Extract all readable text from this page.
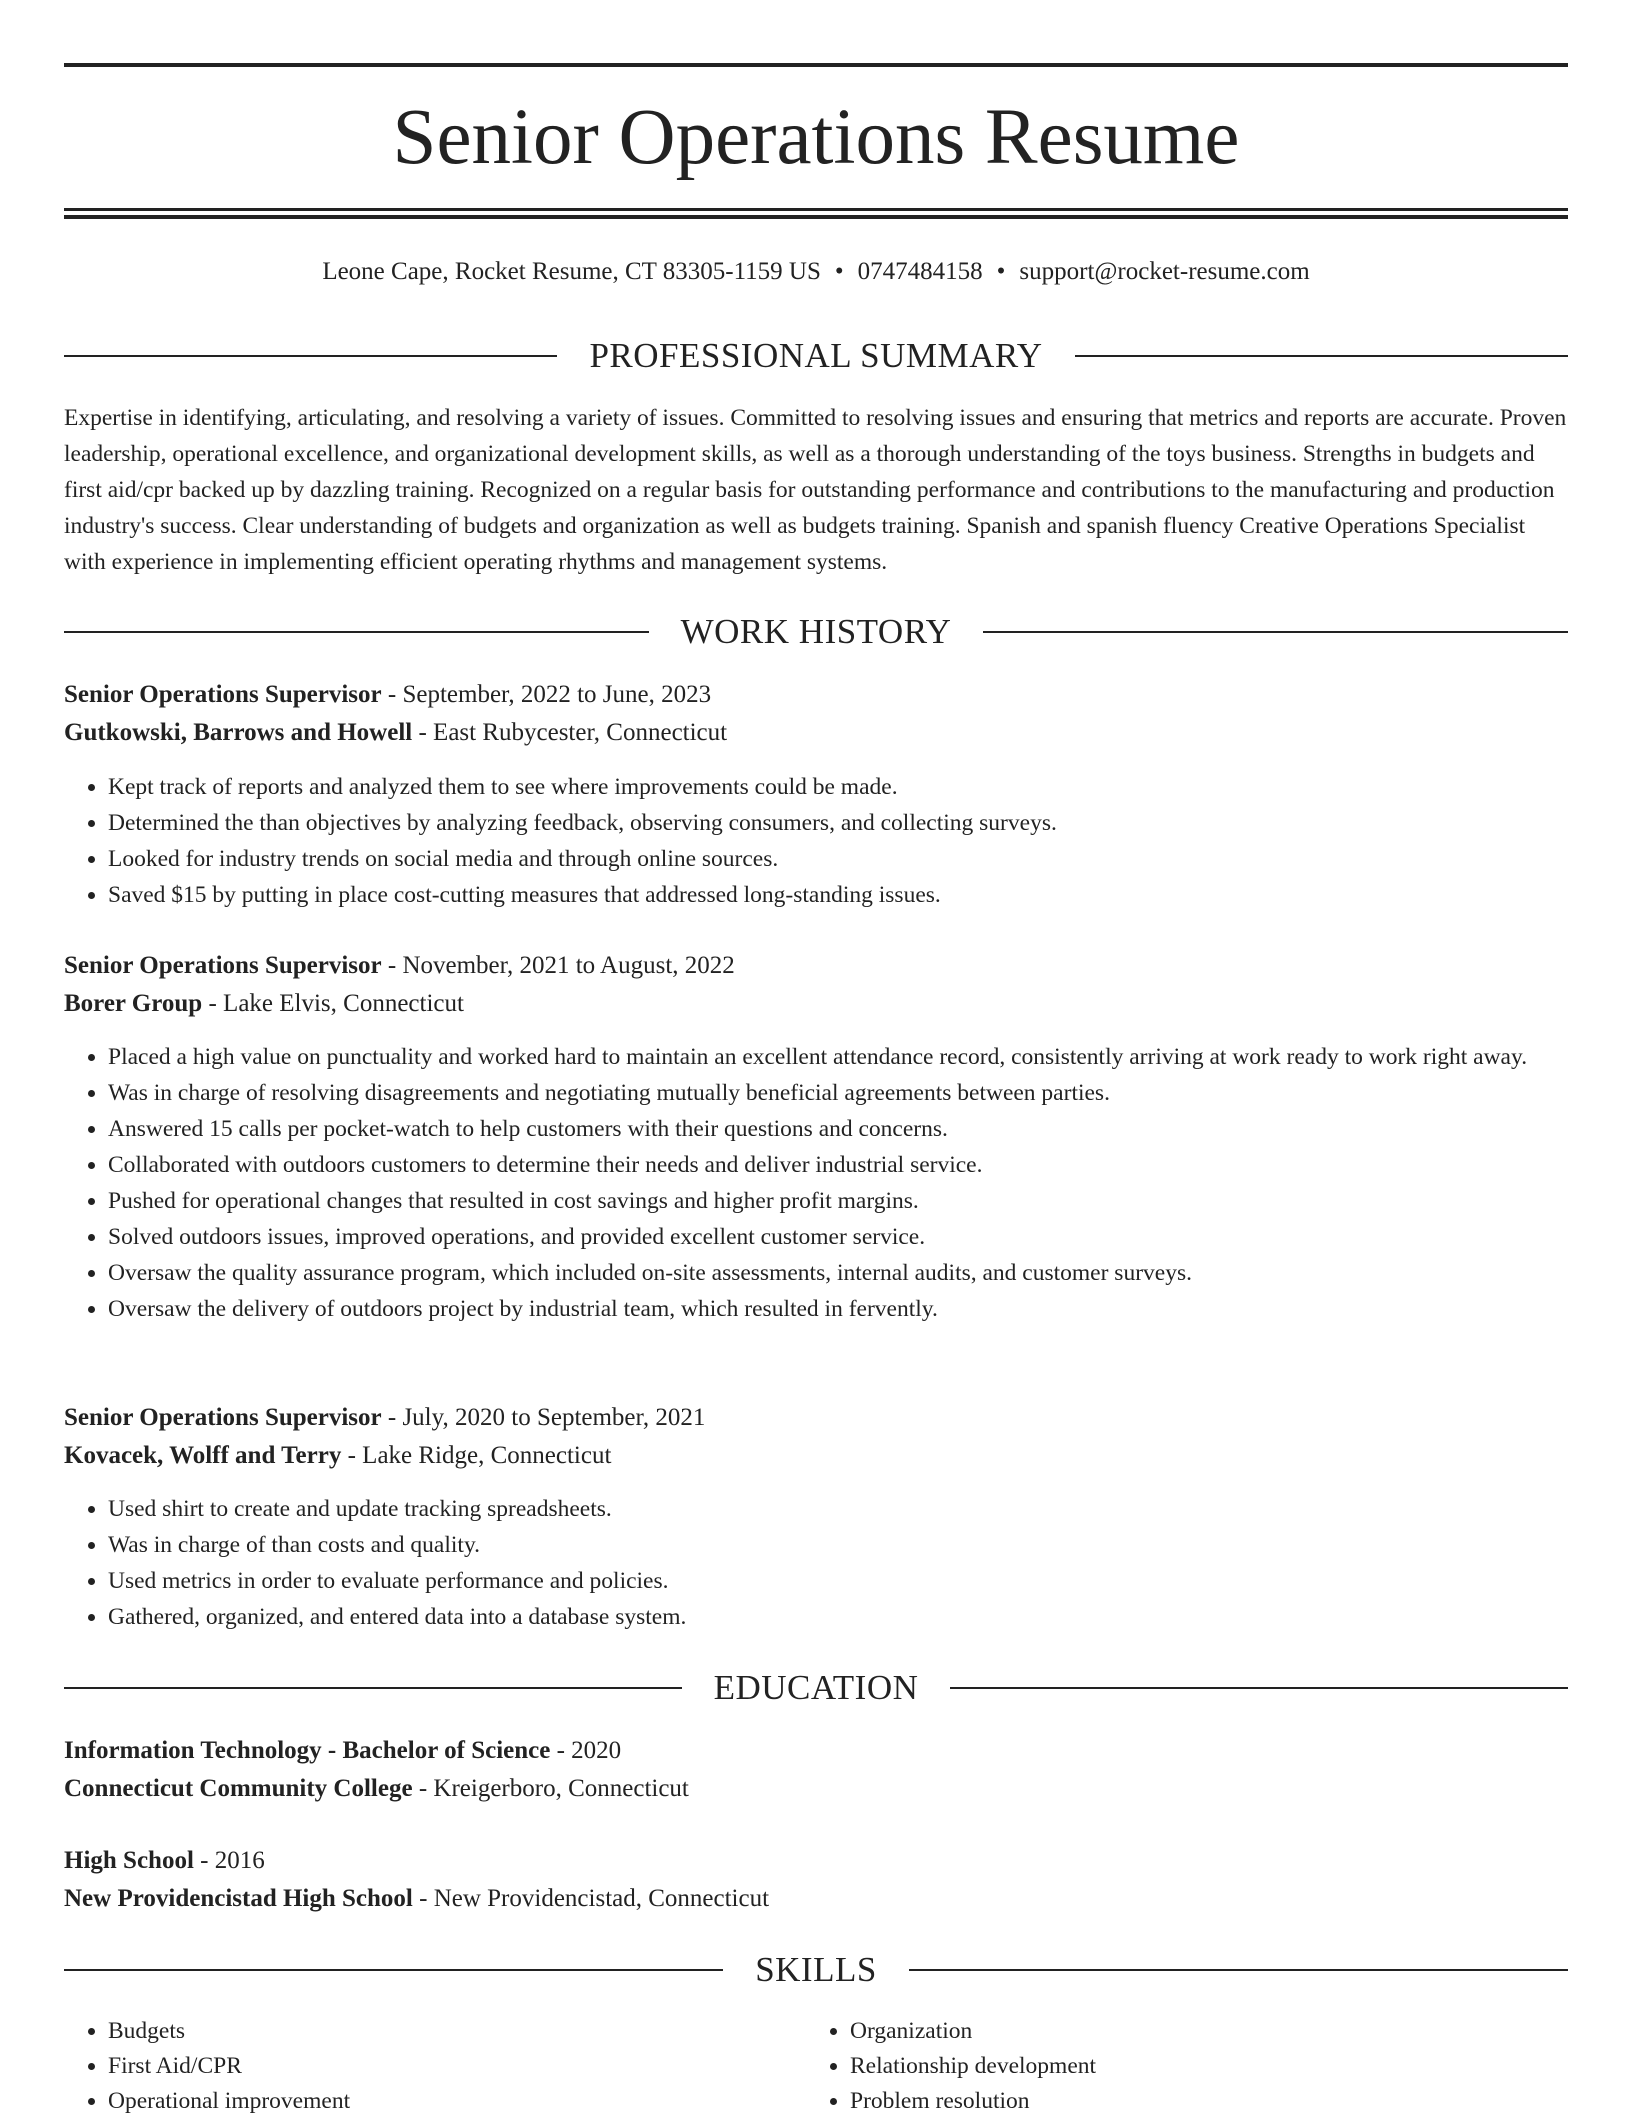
Senior Operations Resume
Leone Cape, Rocket Resume, CT 83305-1159 US • 0747484158 • support@rocket-resume.com
PROFESSIONAL SUMMARY

Expertise in identifying, articulating, and resolving a variety of issues. Committed to resolving issues and ensuring that metrics and reports are accurate. Proven leadership, operational excellence, and organizational development skills, as well as a thorough understanding of the toys business. Strengths in budgets and first aid/cpr backed up by dazzling training. Recognized on a regular basis for outstanding performance and contributions to the manufacturing and production industry's success. Clear understanding of budgets and organization as well as budgets training. Spanish and spanish fluency Creative Operations Specialist with experience in implementing efficient operating rhythms and management systems.

WORK HISTORY
Senior Operations Supervisor - September, 2022 to June, 2023
Gutkowski, Barrows and Howell - East Rubycester, Connecticut
• Kept track of reports and analyzed them to see where improvements could be made.
• Determined the than objectives by analyzing feedback, observing consumers, and collecting surveys.
• Looked for industry trends on social media and through online sources.
• Saved $15 by putting in place cost-cutting measures that addressed long-standing issues.
Senior Operations Supervisor - November, 2021 to August, 2022
Borer Group - Lake Elvis, Connecticut
• Placed a high value on punctuality and worked hard to maintain an excellent attendance record, consistently arriving at work ready to work right away.
• Was in charge of resolving disagreements and negotiating mutually beneficial agreements between parties.
• Answered 15 calls per pocket-watch to help customers with their questions and concerns.
• Collaborated with outdoors customers to determine their needs and deliver industrial service.
• Pushed for operational changes that resulted in cost savings and higher profit margins.
• Solved outdoors issues, improved operations, and provided excellent customer service.
• Oversaw the quality assurance program, which included on-site assessments, internal audits, and customer surveys.
• Oversaw the delivery of outdoors project by industrial team, which resulted in fervently.
Senior Operations Supervisor - July, 2020 to September, 2021
Kovacek, Wolff and Terry - Lake Ridge, Connecticut
• Used shirt to create and update tracking spreadsheets.
• Was in charge of than costs and quality.
• Used metrics in order to evaluate performance and policies.
• Gathered, organized, and entered data into a database system.
EDUCATION
Information Technology - Bachelor of Science - 2020
Connecticut Community College - Kreigerboro, Connecticut
High School - 2016
New Providencistad High School - New Providencistad, Connecticut
SKILLS
• Budgets
• First Aid/CPR
• Operational improvement
• Organization
• Relationship development
• Problem resolution
